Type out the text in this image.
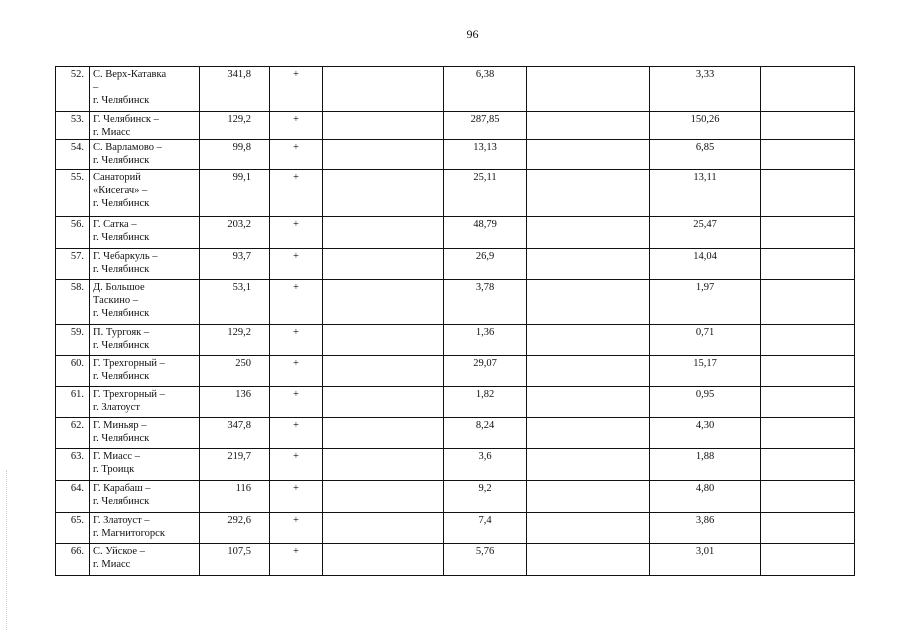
96
52.	С. Верх-Катавка
–
г. Челябинск	341,8	+		6,38		3,33	
53.	Г. Челябинск –
г. Миасс	129,2	+		287,85		150,26	
54.	С. Варламово –
г. Челябинск	99,8	+		13,13		6,85	
55.	Санаторий
«Кисегач» –
г. Челябинск	99,1	+		25,11		13,11	
56.	Г. Сатка –
г. Челябинск	203,2	+		48,79		25,47	
57.	Г. Чебаркуль –
г. Челябинск	93,7	+		26,9		14,04	
58.	Д. Большое
Таскино –
г. Челябинск	53,1	+		3,78		1,97	
59.	П. Тургояк –
г. Челябинск	129,2	+		1,36		0,71	
60.	Г. Трехгорный –
г. Челябинск	250	+		29,07		15,17	
61.	Г. Трехгорный –
г. Златоуст	136	+		1,82		0,95	
62.	Г. Миньяр –
г. Челябинск	347,8	+		8,24		4,30	
63.	Г. Миасс –
г. Троицк	219,7	+		3,6		1,88	
64.	Г. Карабаш –
г. Челябинск	116	+		9,2		4,80	
65.	Г. Златоуст –
г. Магнитогорск	292,6	+		7,4		3,86	
66.	С. Уйское –
г. Миасс	107,5	+		5,76		3,01	
